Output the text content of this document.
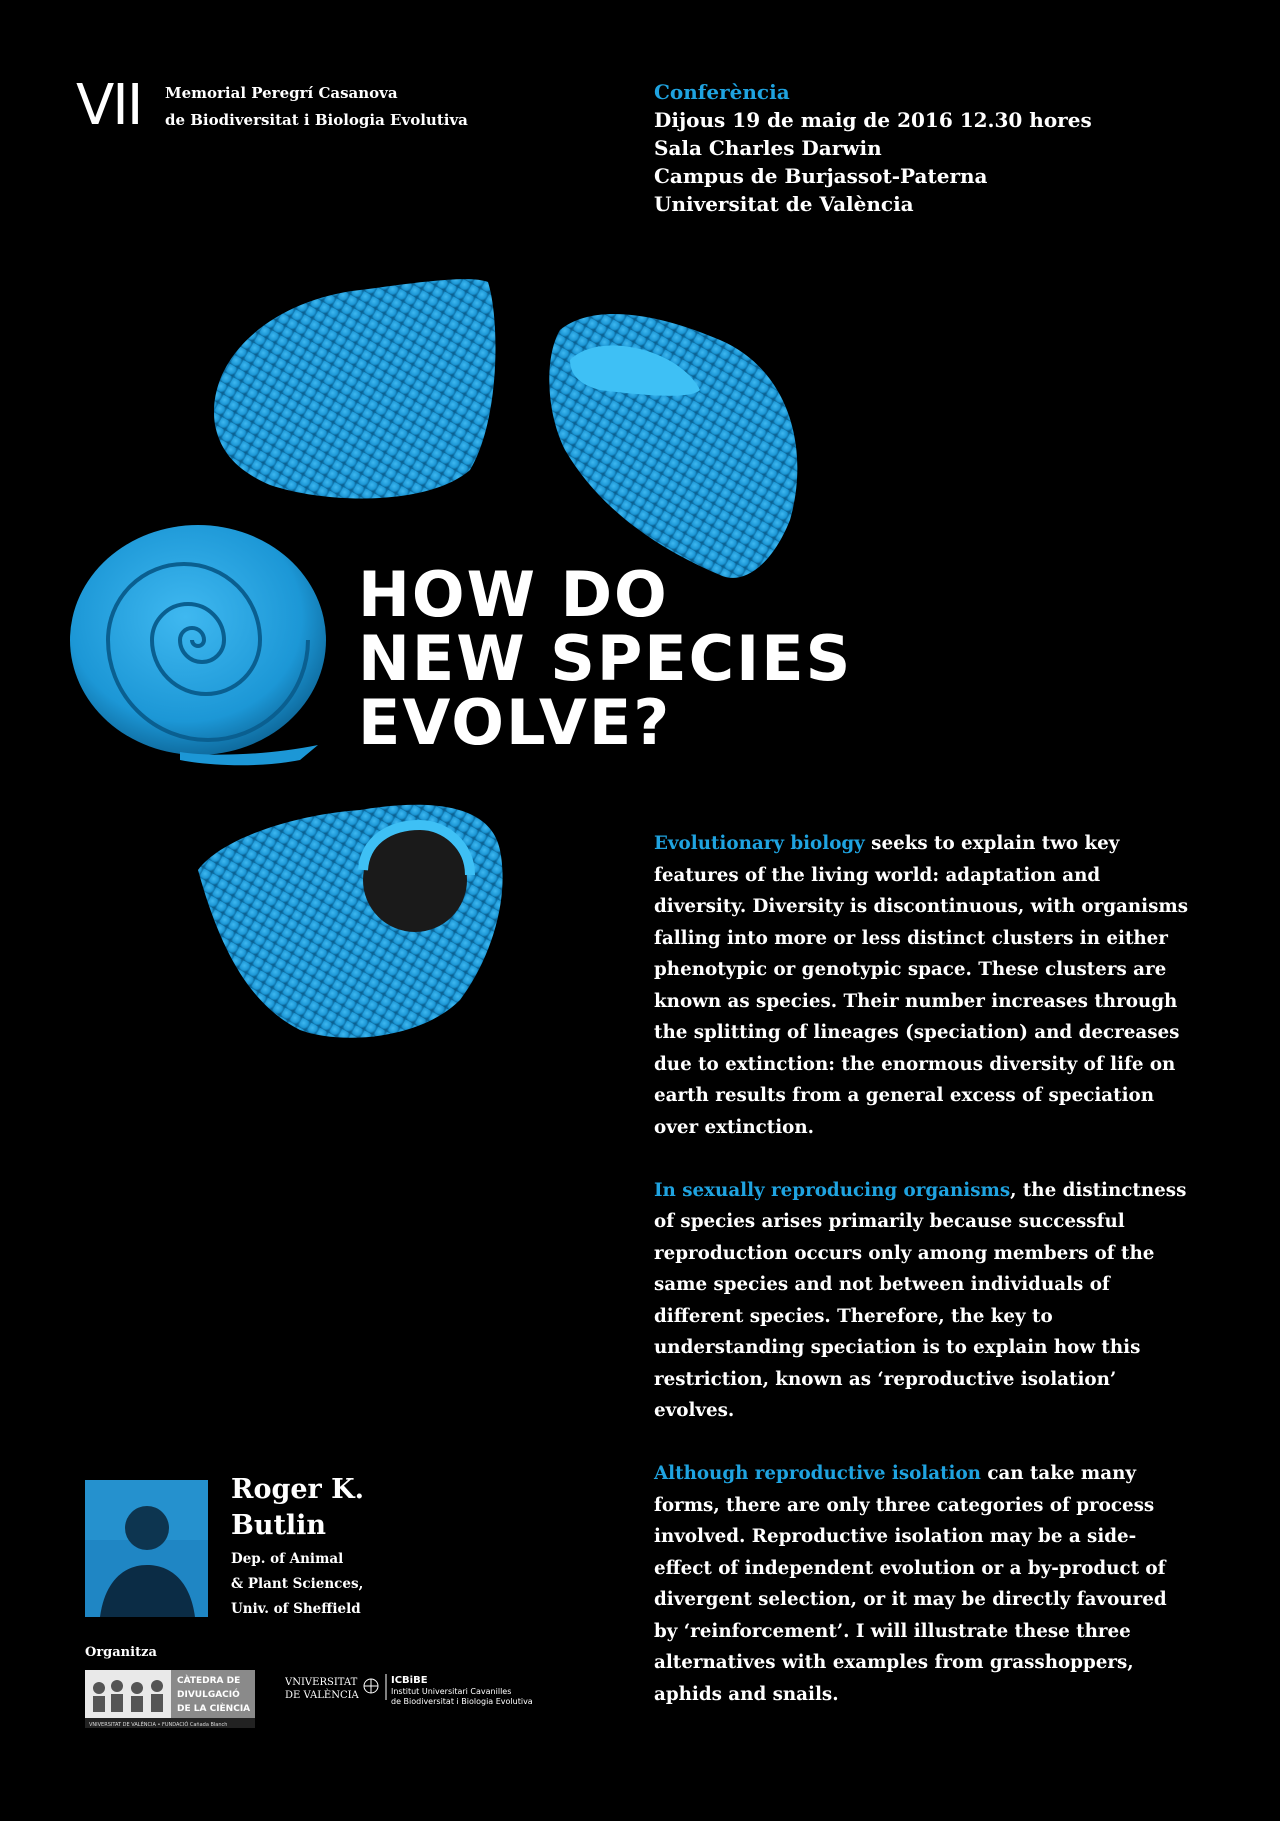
VII Memorial Peregrí Casanova
de Biodiversitat i Biologia Evolutiva
Conferència
Dijous 19 de maig de 2016 12.30 hores
Sala Charles Darwin
Campus de Burjassot-Paterna
Universitat de València
HOW DO
NEW SPECIES
EVOLVE?

Evolutionary biology seeks to explain two key features of the living world: adaptation and diversity. Diversity is discontinuous, with organisms falling into more or less distinct clusters in either phenotypic or genotypic space. These clusters are known as species. Their number increases through the splitting of lineages (speciation) and decreases due to extinction: the enormous diversity of life on earth results from a general excess of speciation over extinction.

In sexually reproducing organisms, the distinctness of species arises primarily because successful reproduction occurs only among members of the same species and not between individuals of different species. Therefore, the key to understanding speciation is to explain how this restriction, known as ‘reproductive isolation’ evolves.

Although reproductive isolation can take many forms, there are only three categories of process involved. Reproductive isolation may be a side-effect of independent evolution or a by-product of divergent selection, or it may be directly favoured by ‘reinforcement’. I will illustrate these three alternatives with examples from grasshoppers, aphids and snails.

Roger K.
Butlin
Dep. of Animal
& Plant Sciences,
Univ. of Sheffield
Organitza
CÀTEDRA DE
DIVULGACIÓ
DE LA CIÈNCIA
VNIVERSITAT DE VALÈNCIA • FUNDACIÓ Cañada Blanch
VNIVERSITAT
DE VALÈNCIA
ICBiBE
Institut Universitari Cavanilles
de Biodiversitat i Biologia Evolutiva
